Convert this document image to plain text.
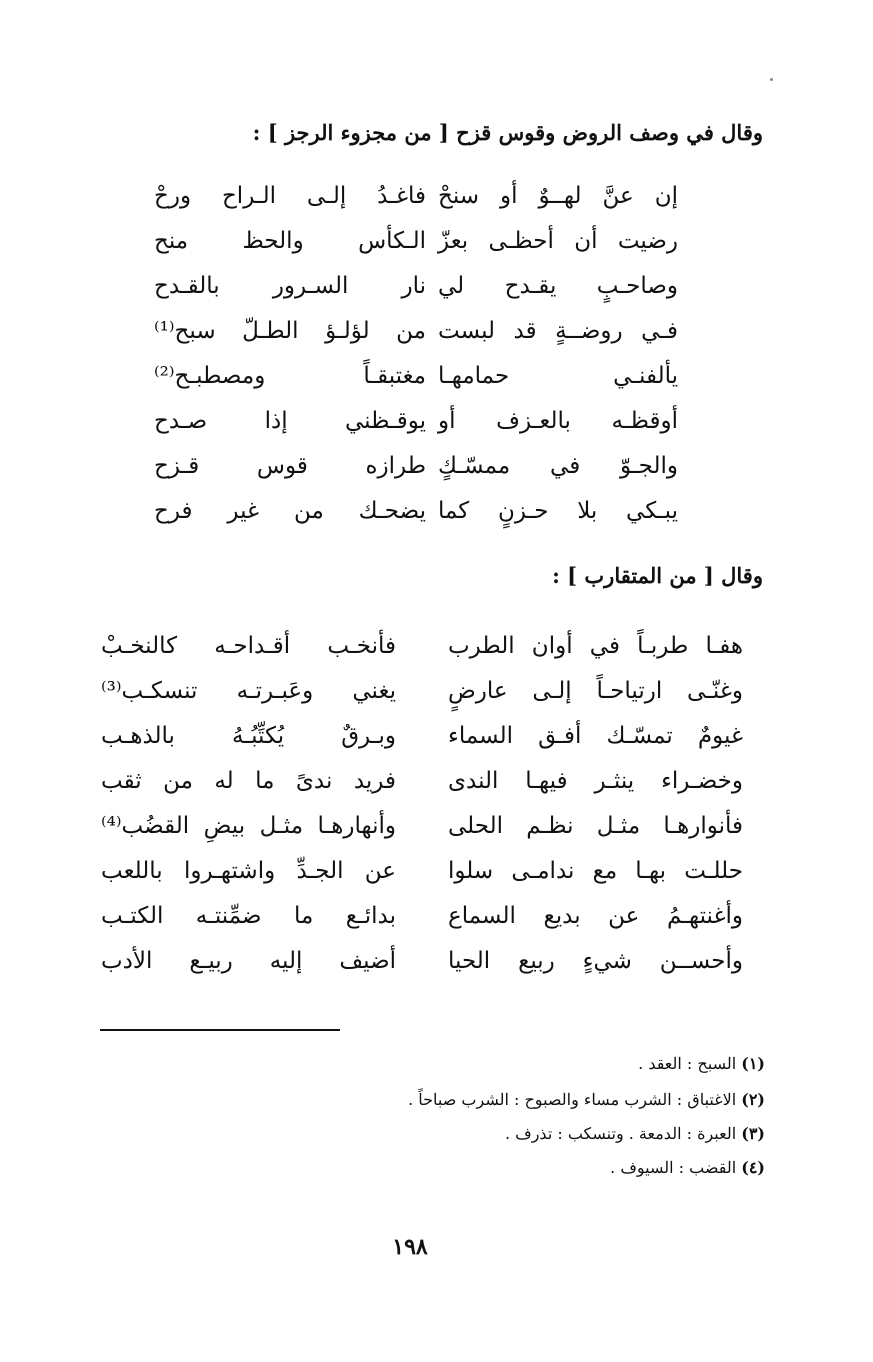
وقال في وصف الروض وقوس قزح [ من مجزوء الرجز ] :
إن عنَّ لهــوٌ أو سنحْ
فاغـدُ إلـى الـراح ورحْ
رضيت أن أحظـى بعزّ
الـكأس والحظ منح
وصاحـبٍ يقـدح لي
نار السـرور بالقـدح
فـي روضــةٍ قد لبست
من لؤلـؤ الطـلّ سبح⁽¹⁾
يألفنـي حمامهـا
مغتبقـاً ومصطبـح⁽²⁾
أوقظـه بالعـزف أو
يوقـظني إذا صـدح
والجـوّ في ممسّـكٍ
طرازه قوس قـزح
يبـكي بلا حـزنٍ كما
يضحـك من غير فرح
وقال [ من المتقارب ] :
هفـا طربـاً في أوان الطرب
فأنخـب أقـداحـه كالنخـبْ
وغنّـى ارتياحـاً إلـى عارضٍ
يغني وعَبـرتـه تنسكـب⁽³⁾
غيومٌ تمسّـك أفـق السماء
وبـرقٌ يُكتِّبُـهُ بالذهـب
وخضـراء ينثـر فيهـا الندى
فريد ندىً ما له من ثقب
فأنوارهـا مثـل نظـم الحلى
وأنهارهـا مثـل بيضِ القضُب⁽⁴⁾
حللـت بهـا مع ندامـى سلوا
عن الجـدِّ واشتهـروا باللعب
وأغنتهـمُ عن بديع السماع
بدائـع ما ضمِّنتـه الكتـب
وأحســن شيءٍ ربيع الحيا
أضيف إليه ربيـع الأدب
(١) السبح : العقد .
(٢) الاغتباق : الشرب مساء والصبوح : الشرب صباحاً .
(٣) العبرة : الدمعة . وتنسكب : تذرف .
(٤) القضب : السيوف .
١٩٨
